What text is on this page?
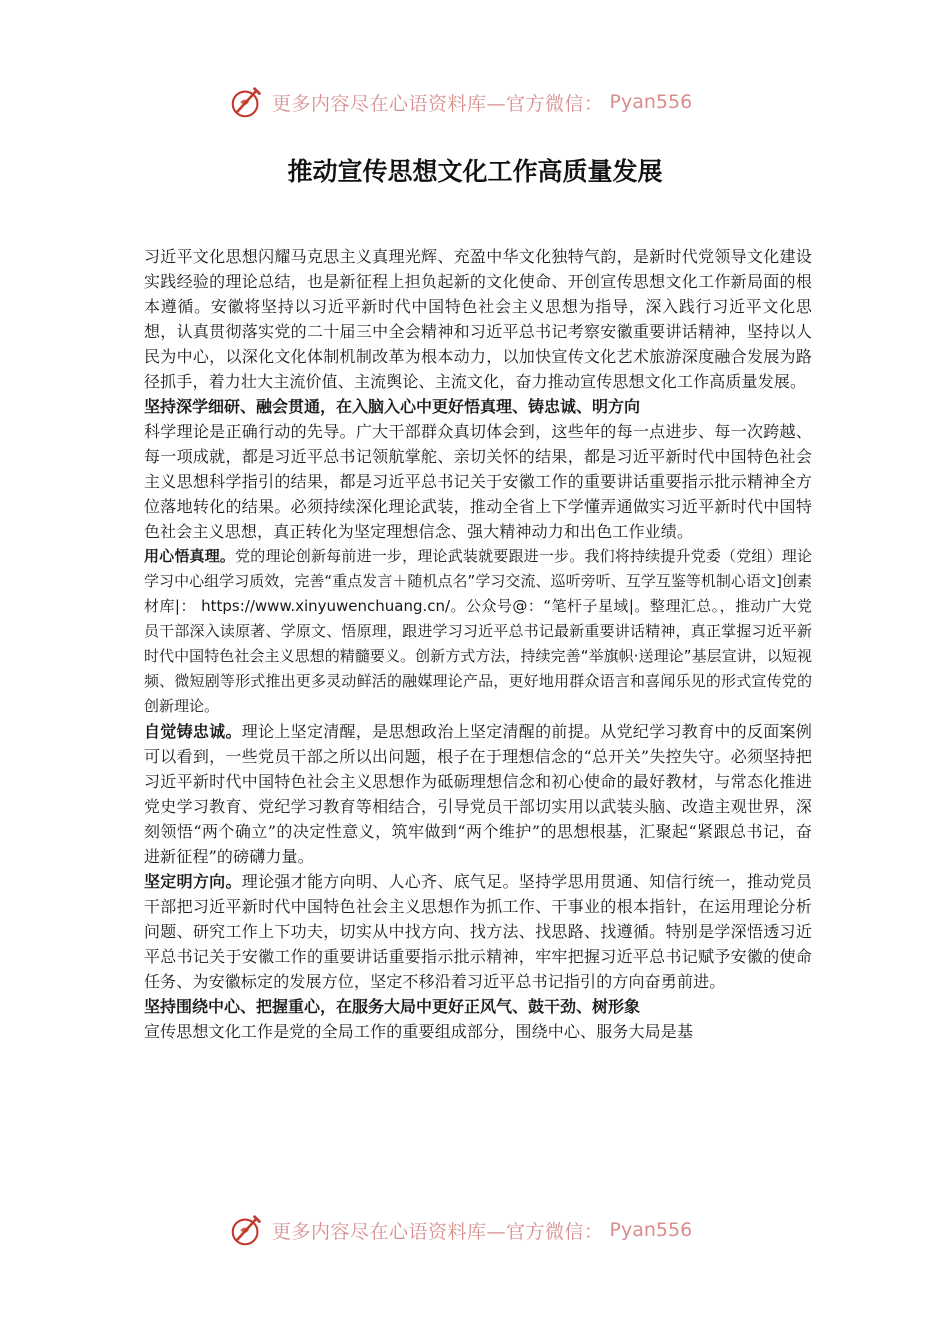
更多内容尽在心语资料库—官方微信： Pyan556
推动宣传思想文化工作高质量发展

习近平文化思想闪耀马克思主义真理光辉、充盈中华文化独特气韵，是新时代党领导文化建设实践经验的理论总结，也是新征程上担负起新的文化使命、开创宣传思想文化工作新局面的根本遵循。安徽将坚持以习近平新时代中国特色社会主义思想为指导，深入践行习近平文化思想，认真贯彻落实党的二十届三中全会精神和习近平总书记考察安徽重要讲话精神，坚持以人民为中心，以深化文化体制机制改革为根本动力，以加快宣传文化艺术旅游深度融合发展为路径抓手，着力壮大主流价值、主流舆论、主流文化，奋力推动宣传思想文化工作高质量发展。

坚持深学细研、融会贯通，在入脑入心中更好悟真理、铸忠诚、明方向

科学理论是正确行动的先导。广大干部群众真切体会到，这些年的每一点进步、每一次跨越、每一项成就，都是习近平总书记领航掌舵、亲切关怀的结果，都是习近平新时代中国特色社会主义思想科学指引的结果，都是习近平总书记关于安徽工作的重要讲话重要指示批示精神全方位落地转化的结果。必须持续深化理论武装，推动全省上下学懂弄通做实习近平新时代中国特色社会主义思想，真正转化为坚定理想信念、强大精神动力和出色工作业绩。

用心悟真理。党的理论创新每前进一步，理论武装就要跟进一步。我们将持续提升党委（党组）理论学习中心组学习质效，完善“重点发言＋随机点名”学习交流、巡听旁听、互学互鉴等机制心语文]创素材库|： https://www.xinyuwenchuang.cn/。公众号@：“笔杆子星域|。整理汇总。，推动广大党员干部深入读原著、学原文、悟原理，跟进学习习近平总书记最新重要讲话精神，真正掌握习近平新时代中国特色社会主义思想的精髓要义。创新方式方法，持续完善“举旗帜·送理论”基层宣讲，以短视频、微短剧等形式推出更多灵动鲜活的融媒理论产品，更好地用群众语言和喜闻乐见的形式宣传党的创新理论。

自觉铸忠诚。理论上坚定清醒，是思想政治上坚定清醒的前提。从党纪学习教育中的反面案例可以看到，一些党员干部之所以出问题，根子在于理想信念的“总开关”失控失守。必须坚持把习近平新时代中国特色社会主义思想作为砥砺理想信念和初心使命的最好教材，与常态化推进党史学习教育、党纪学习教育等相结合，引导党员干部切实用以武装头脑、改造主观世界，深刻领悟“两个确立”的决定性意义，筑牢做到“两个维护”的思想根基，汇聚起“紧跟总书记，奋进新征程”的磅礴力量。

坚定明方向。理论强才能方向明、人心齐、底气足。坚持学思用贯通、知信行统一，推动党员干部把习近平新时代中国特色社会主义思想作为抓工作、干事业的根本指针，在运用理论分析问题、研究工作上下功夫，切实从中找方向、找方法、找思路、找遵循。特别是学深悟透习近平总书记关于安徽工作的重要讲话重要指示批示精神，牢牢把握习近平总书记赋予安徽的使命任务、为安徽标定的发展方位，坚定不移沿着习近平总书记指引的方向奋勇前进。

坚持围绕中心、把握重心，在服务大局中更好正风气、鼓干劲、树形象

宣传思想文化工作是党的全局工作的重要组成部分，围绕中心、服务大局是基

更多内容尽在心语资料库—官方微信： Pyan556
